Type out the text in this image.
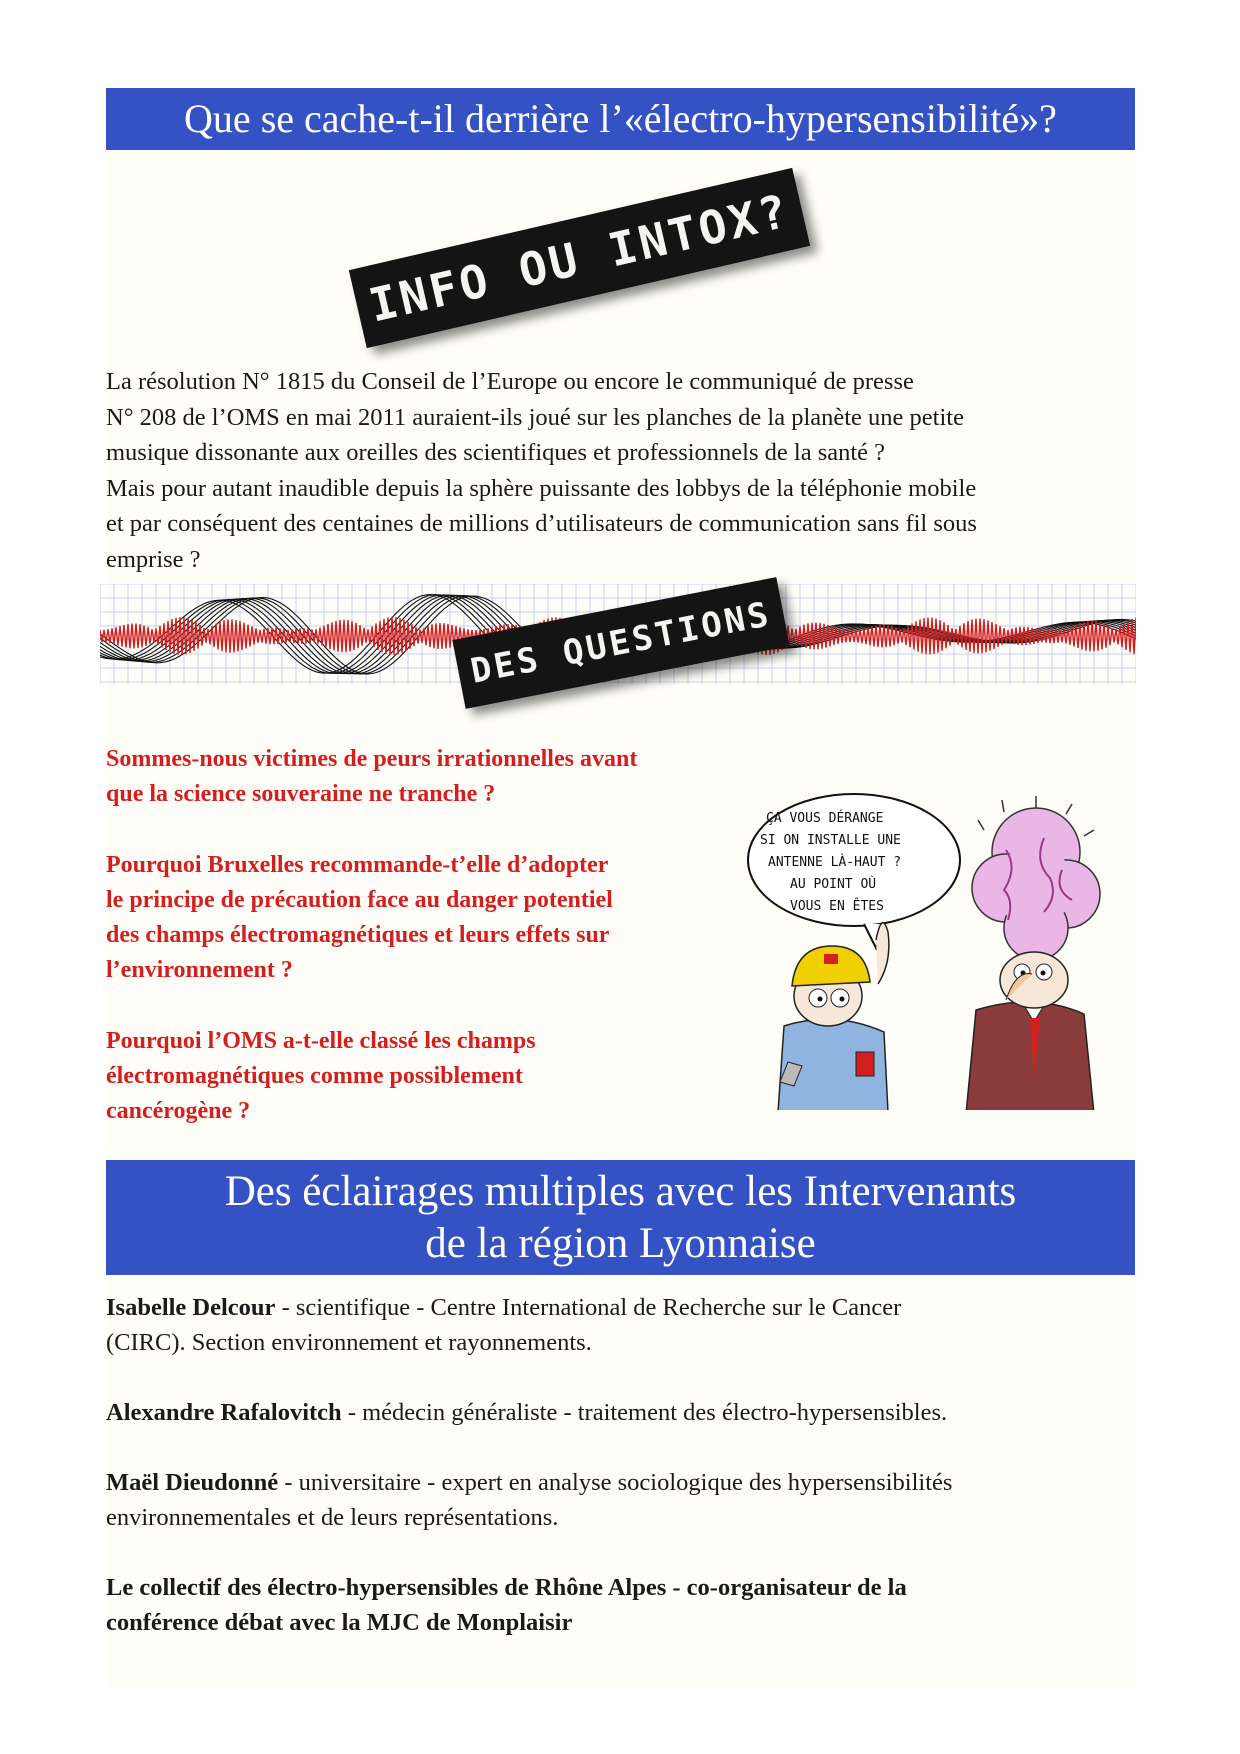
Que se cache-t-il derrière l’«électro-hypersensibilité»?
INFO OU INTOX?

La résolution N° 1815 du Conseil de l’Europe ou encore le communiqué de presse
N° 208 de l’OMS en mai 2011 auraient-ils joué sur les planches de la planète une petite
musique dissonante aux oreilles des scientifiques et professionnels de la santé ?
Mais pour autant inaudible depuis la sphère puissante des lobbys de la téléphonie mobile
et par conséquent des centaines de millions d’utilisateurs de communication sans fil sous
emprise ?

DES QUESTIONS

Sommes-nous victimes de peurs irrationnelles avant
que la science souveraine ne tranche ?

Pourquoi Bruxelles recommande-t’elle d’adopter
le principe de précaution face au danger potentiel
des champs électromagnétiques et leurs effets sur
l’environnement ?

Pourquoi l’OMS a-t-elle classé les champs
électromagnétiques comme possiblement
cancérogène ?

ÇA VOUS DÉRANGE
SI ON INSTALLE UNE
ANTENNE LÀ-HAUT ?
AU POINT OÙ
VOUS EN ÊTES
Des éclairages multiples avec les Intervenants
de la région Lyonnaise

Isabelle Delcour - scientifique - Centre International de Recherche sur le Cancer
(CIRC). Section environnement et rayonnements.

Alexandre Rafalovitch - médecin généraliste - traitement des électro-hypersensibles.

Maël Dieudonné - universitaire - expert en analyse sociologique des hypersensibilités
environnementales et de leurs représentations.

Le collectif des électro-hypersensibles de Rhône Alpes - co-organisateur de la
conférence débat avec la MJC de Monplaisir
